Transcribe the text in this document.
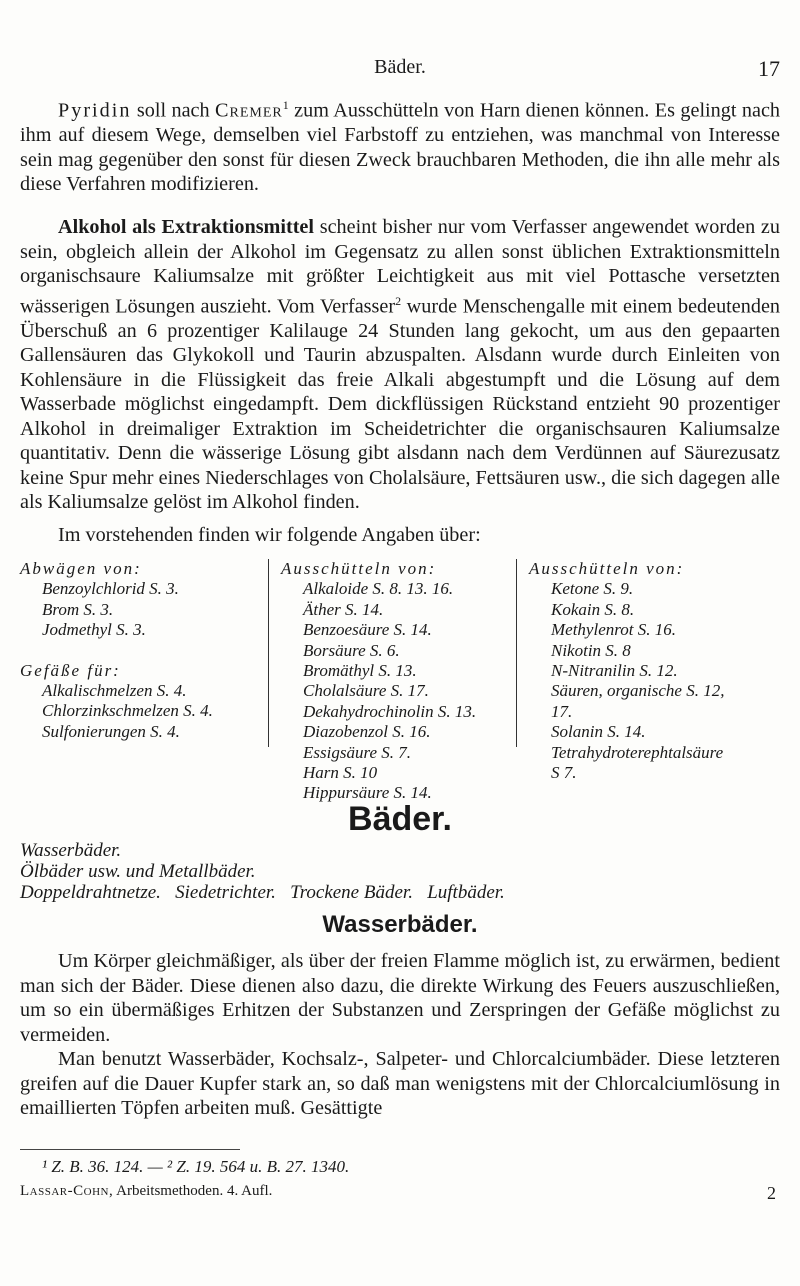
Bäder.	17

Pyridin soll nach Cremer$^1$ zum Ausschütteln von Harn dienen können. Es gelingt nach ihm auf diesem Wege, demselben viel Farbstoff zu entziehen, was manchmal von Interesse sein mag gegenüber den sonst für diesen Zweck brauchbaren Methoden, die ihn alle mehr als diese Verfahren modifizieren.

Alkohol als Extraktionsmittel scheint bisher nur vom Verfasser angewendet worden zu sein, obgleich allein der Alkohol im Gegensatz zu allen sonst üblichen Extraktionsmitteln organischsaure Kaliumsalze mit größter Leichtigkeit aus mit viel Pottasche versetzten wässerigen Lösungen auszieht. Vom Verfasser$^2$ wurde Menschengalle mit einem bedeutenden Überschuß an 6 prozentiger Kalilauge 24 Stunden lang gekocht, um aus den gepaarten Gallensäuren das Glykokoll und Taurin abzuspalten. Alsdann wurde durch Einleiten von Kohlensäure in die Flüssigkeit das freie Alkali abgestumpft und die Lösung auf dem Wasserbade möglichst eingedampft. Dem dickflüssigen Rückstand entzieht 90 prozentiger Alkohol in dreimaliger Extraktion im Scheidetrichter die organischsauren Kaliumsalze quantitativ. Denn die wässerige Lösung gibt alsdann nach dem Verdünnen auf Säurezusatz keine Spur mehr eines Niederschlages von Cholalsäure, Fettsäuren usw., die sich dagegen alle als Kaliumsalze gelöst im Alkohol finden.

Im vorstehenden finden wir folgende Angaben über:

Abwägen von:
Benzoylchlorid S. 3.
Brom S. 3.
Jodmethyl S. 3.
Gefäße für:
Alkalischmelzen S. 4.
Chlorzinkschmelzen S. 4.
Sulfonierungen S. 4.
Ausschütteln von:
Alkaloide S. 8. 13. 16.
Äther S. 14.
Benzoesäure S. 14.
Borsäure S. 6.
Bromäthyl S. 13.
Cholalsäure S. 17.
Dekahydrochinolin S. 13.
Diazobenzol S. 16.
Essigsäure S. 7.
Harn S. 10
Hippursäure S. 14.
Ausschütteln von:
Ketone S. 9.
Kokain S. 8.
Methylenrot S. 16.
Nikotin S. 8
N-Nitranilin S. 12.
Säuren, organische S. 12,
17.
Solanin S. 14.
Tetrahydroterephtalsäure
S 7.
Bäder.
Wasserbäder.
Ölbäder usw. und Metallbäder.
Doppeldrahtnetze.   Siedetrichter.   Trockene Bäder.   Luftbäder.
Wasserbäder.

Um Körper gleichmäßiger, als über der freien Flamme möglich ist, zu erwärmen, bedient man sich der Bäder. Diese dienen also dazu, die direkte Wirkung des Feuers auszuschließen, um so ein übermäßiges Erhitzen der Substanzen und Zerspringen der Gefäße möglichst zu vermeiden.

Man benutzt Wasserbäder, Kochsalz-, Salpeter- und Chlorcalciumbäder. Diese letzteren greifen auf die Dauer Kupfer stark an, so daß man wenigstens mit der Chlorcalciumlösung in emaillierten Töpfen arbeiten muß. Gesättigte

¹ Z. B. 36. 124. — ² Z. 19. 564 u. B. 27. 1340.
Lassar-Cohn, Arbeitsmethoden. 4. Aufl.	2
